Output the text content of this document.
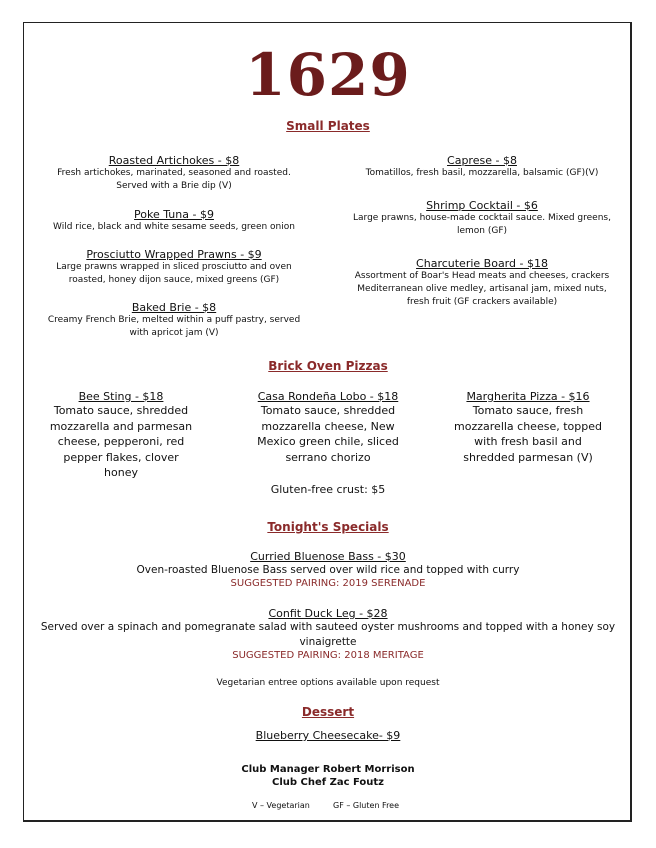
1629
Small Plates
Roasted Artichokes - $8
Fresh artichokes, marinated, seasoned and roasted. Served with a Brie dip (V)
Poke Tuna - $9
Wild rice, black and white sesame seeds, green onion
Prosciutto Wrapped Prawns - $9
Large prawns wrapped in sliced prosciutto and oven roasted, honey dijon sauce, mixed greens (GF)
Baked Brie - $8
Creamy French Brie, melted within a puff pastry, served with apricot jam (V)
Caprese - $8
Tomatillos, fresh basil, mozzarella, balsamic (GF)(V)
Shrimp Cocktail - $6
Large prawns, house-made cocktail sauce. Mixed greens, lemon (GF)
Charcuterie Board - $18
Assortment of Boar's Head meats and cheeses, crackers Mediterranean olive medley, artisanal jam, mixed nuts, fresh fruit (GF crackers available)
Brick Oven Pizzas
Bee Sting - $18
Tomato sauce, shredded mozzarella and parmesan cheese, pepperoni, red pepper flakes, clover honey
Casa Rondeña Lobo - $18
Tomato sauce, shredded mozzarella cheese, New Mexico green chile, sliced serrano chorizo
Margherita Pizza - $16
Tomato sauce, fresh mozzarella cheese, topped with fresh basil and shredded parmesan (V)
Gluten-free crust: $5
Tonight's Specials
Curried Bluenose Bass - $30
Oven-roasted Bluenose Bass served over wild rice and topped with curry
SUGGESTED PAIRING: 2019 SERENADE
Confit Duck Leg - $28
Served over a spinach and pomegranate salad with sauteed oyster mushrooms and topped with a honey soy vinaigrette
SUGGESTED PAIRING: 2018 MERITAGE
Vegetarian entree options available upon request
Dessert
Blueberry Cheesecake- $9
Club Manager Robert Morrison
Club Chef Zac Foutz
V – Vegetarian	GF – Gluten Free
